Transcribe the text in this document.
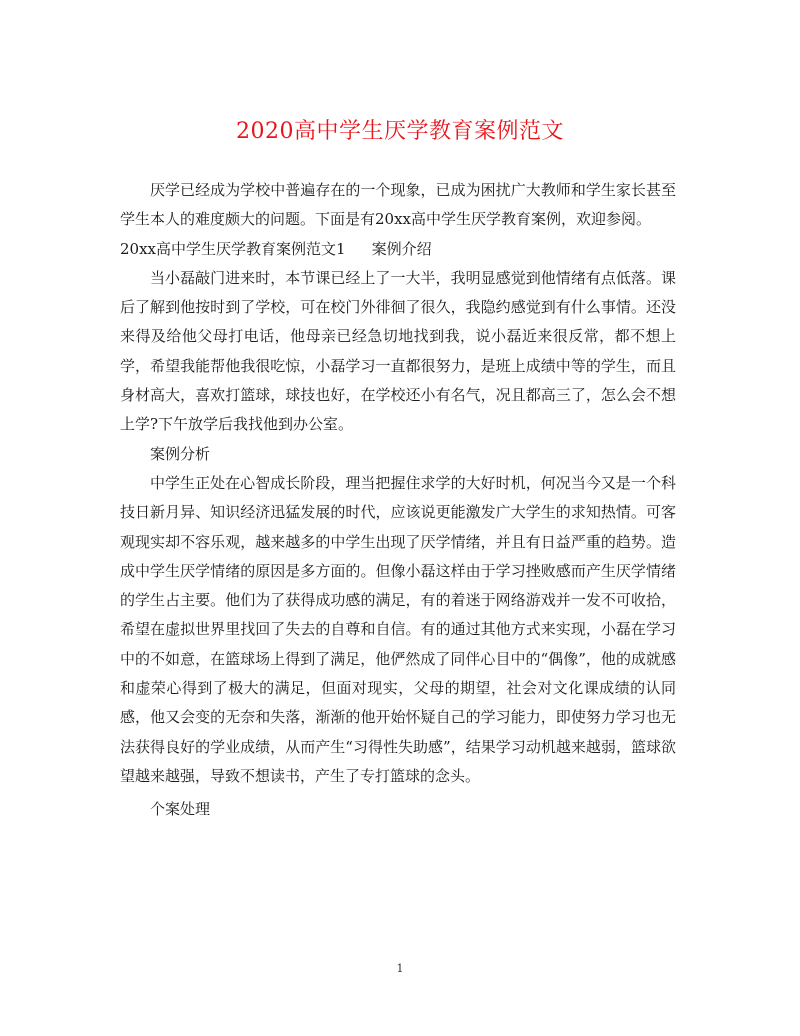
2020高中学生厌学教育案例范文

厌学已经成为学校中普遍存在的一个现象，已成为困扰广大教师和学生家长甚至学生本人的难度颇大的问题。下面是有20xx高中学生厌学教育案例，欢迎参阅。

20xx高中学生厌学教育案例范文1 案例介绍

当小磊敲门进来时，本节课已经上了一大半，我明显感觉到他情绪有点低落。课后了解到他按时到了学校，可在校门外徘徊了很久，我隐约感觉到有什么事情。还没来得及给他父母打电话，他母亲已经急切地找到我，说小磊近来很反常，都不想上学，希望我能帮他我很吃惊，小磊学习一直都很努力，是班上成绩中等的学生，而且身材高大，喜欢打篮球，球技也好，在学校还小有名气，况且都高三了，怎么会不想上学?下午放学后我找他到办公室。

案例分析

中学生正处在心智成长阶段，理当把握住求学的大好时机，何况当今又是一个科技日新月异、知识经济迅猛发展的时代，应该说更能激发广大学生的求知热情。可客观现实却不容乐观，越来越多的中学生出现了厌学情绪，并且有日益严重的趋势。造成中学生厌学情绪的原因是多方面的。但像小磊这样由于学习挫败感而产生厌学情绪的学生占主要。他们为了获得成功感的满足，有的着迷于网络游戏并一发不可收拾，希望在虚拟世界里找回了失去的自尊和自信。有的通过其他方式来实现，小磊在学习中的不如意，在篮球场上得到了满足，他俨然成了同伴心目中的“偶像”，他的成就感和虚荣心得到了极大的满足，但面对现实，父母的期望，社会对文化课成绩的认同感，他又会变的无奈和失落，渐渐的他开始怀疑自己的学习能力，即使努力学习也无法获得良好的学业成绩，从而产生“习得性失助感”，结果学习动机越来越弱，篮球欲望越来越强，导致不想读书，产生了专打篮球的念头。

个案处理

1
